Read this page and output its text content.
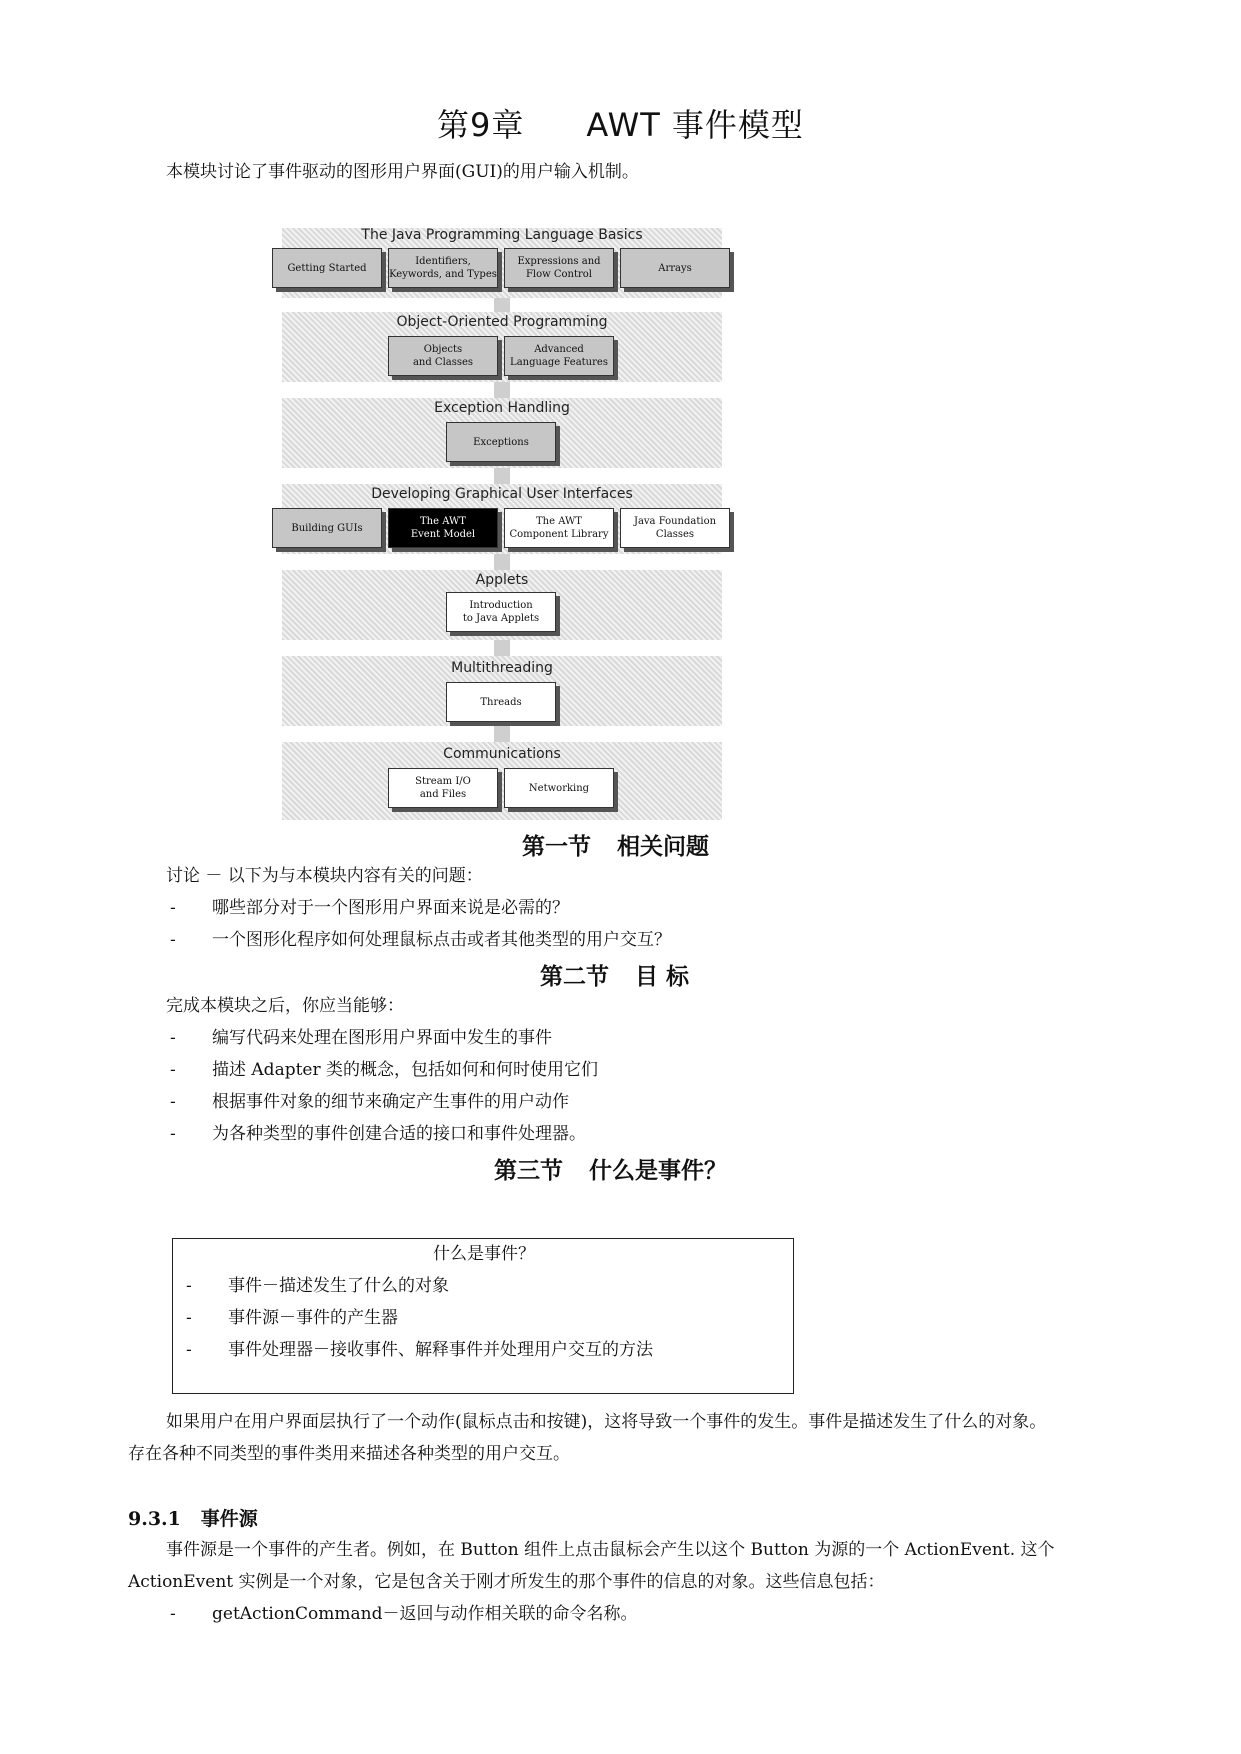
第9章 AWT 事件模型
本模块讨论了事件驱动的图形用户界面(GUI)的用户输入机制。
The Java Programming Language Basics
Getting Started
Identifiers,
Keywords, and Types
Expressions and
Flow Control
Arrays
Object-Oriented Programming
Objects
and Classes
Advanced
Language Features
Exception Handling
Exceptions
Developing Graphical User Interfaces
Building GUIs
The AWT
Event Model
The AWT
Component Library
Java Foundation
Classes
Applets
Introduction
to Java Applets
Multithreading
Threads
Communications
Stream I/O
and Files
Networking
第一节 相关问题
讨论 － 以下为与本模块内容有关的问题：
- 哪些部分对于一个图形用户界面来说是必需的？
- 一个图形化程序如何处理鼠标点击或者其他类型的用户交互？
第二节 目 标
完成本模块之后，你应当能够：
- 编写代码来处理在图形用户界面中发生的事件
- 描述 Adapter 类的概念，包括如何和何时使用它们
- 根据事件对象的细节来确定产生事件的用户动作
- 为各种类型的事件创建合适的接口和事件处理器。
第三节 什么是事件？
什么是事件？
- 事件－描述发生了什么的对象
- 事件源－事件的产生器
- 事件处理器－接收事件、解释事件并处理用户交互的方法
如果用户在用户界面层执行了一个动作(鼠标点击和按键)，这将导致一个事件的发生。事件是描述发生了什么的对象。
存在各种不同类型的事件类用来描述各种类型的用户交互。
9.3.1   事件源
事件源是一个事件的产生者。例如，在 Button 组件上点击鼠标会产生以这个 Button 为源的一个 ActionEvent. 这个
ActionEvent 实例是一个对象，它是包含关于刚才所发生的那个事件的信息的对象。这些信息包括：
- getActionCommand－返回与动作相关联的命令名称。
